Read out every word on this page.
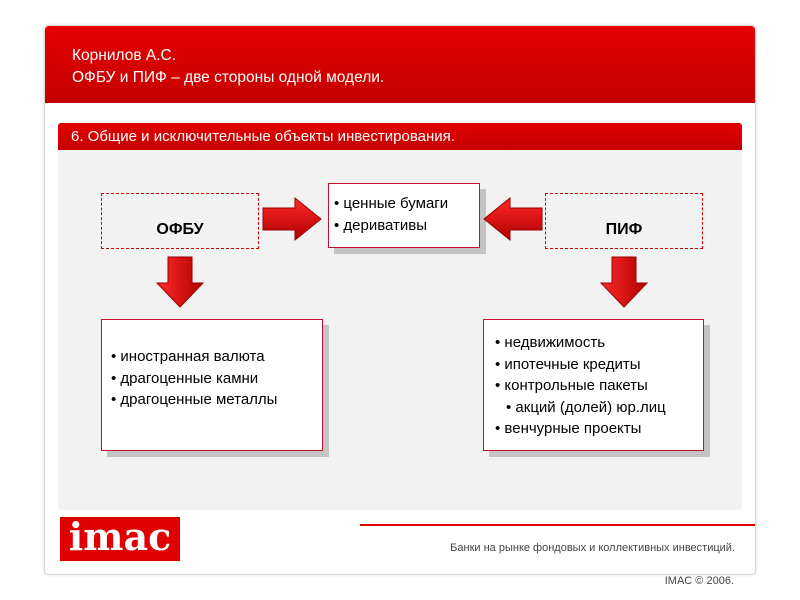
Корнилов А.С.
ОФБУ и ПИФ – две стороны одной модели.
6. Общие и исключительные объекты инвестирования.
ОФБУ	ПИФ
• ценные бумаги
• деривативы
• иностранная валюта
• драгоценные камни
• драгоценные металлы
• недвижимость
• ипотечные кредиты
• контрольные пакеты
• акций (долей) юр.лиц
• венчурные проекты
imac	Банки на рынке фондовых и коллективных инвестиций.
IMAC © 2006.
